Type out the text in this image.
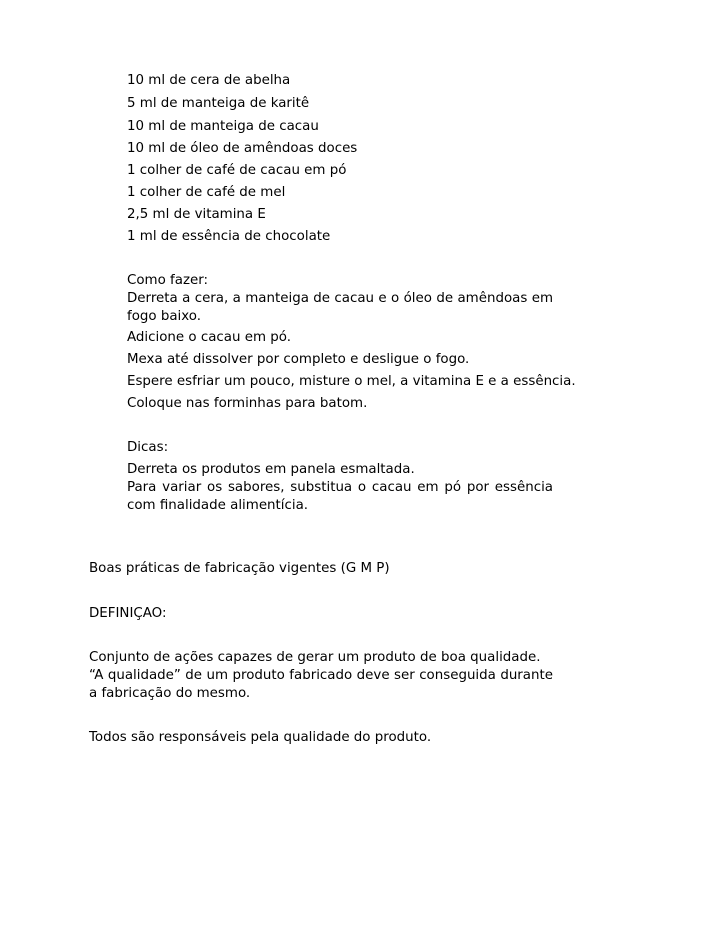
10 ml de cera de abelha

5 ml de manteiga de karitê

10 ml de manteiga de cacau

10 ml de óleo de amêndoas doces

1 colher de café de cacau em pó

1 colher de café de mel

2,5 ml de vitamina E

1 ml de essência de chocolate

Como fazer:

Derreta a cera, a manteiga de cacau e o óleo de amêndoas em fogo baixo.

Adicione o cacau em pó.

Mexa até dissolver por completo e desligue o fogo.

Espere esfriar um pouco, misture o mel, a vitamina E e a essência.

Coloque nas forminhas para batom.

Dicas:

Derreta os produtos em panela esmaltada.

Para variar os sabores, substitua o cacau em pó por essência com finalidade alimentícia.

Boas práticas de fabricação vigentes (G M P)

DEFINIÇAO:

Conjunto de ações capazes de gerar um produto de boa qualidade.

“A qualidade” de um produto fabricado deve ser conseguida durante a fabricação do mesmo.

Todos são responsáveis pela qualidade do produto.
